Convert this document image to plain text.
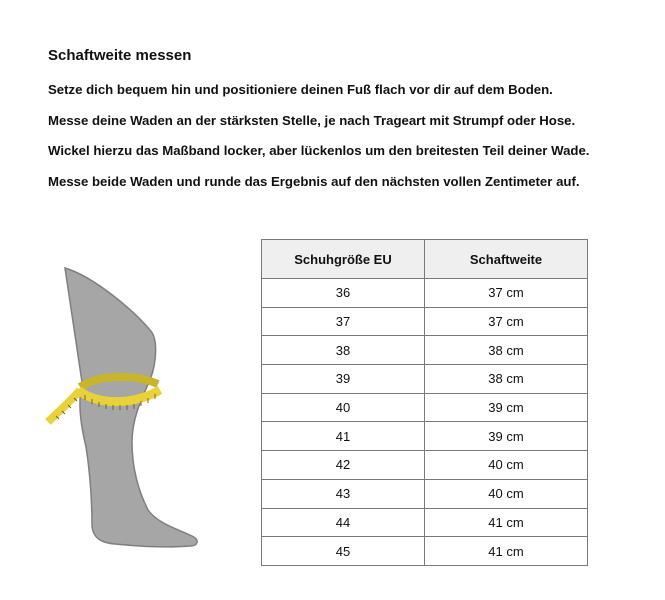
Schaftweite messen
Setze dich bequem hin und positioniere deinen Fuß flach vor dir auf dem Boden.
Messe deine Waden an der stärksten Stelle, je nach Trageart mit Strumpf oder Hose.
Wickel hierzu das Maßband locker, aber lückenlos um den breitesten Teil deiner Wade.
Messe beide Waden und runde das Ergebnis auf den nächsten vollen Zentimeter auf.
Schuhgröße EU	Schaftweite
36	37 cm
37	37 cm
38	38 cm
39	38 cm
40	39 cm
41	39 cm
42	40 cm
43	40 cm
44	41 cm
45	41 cm
